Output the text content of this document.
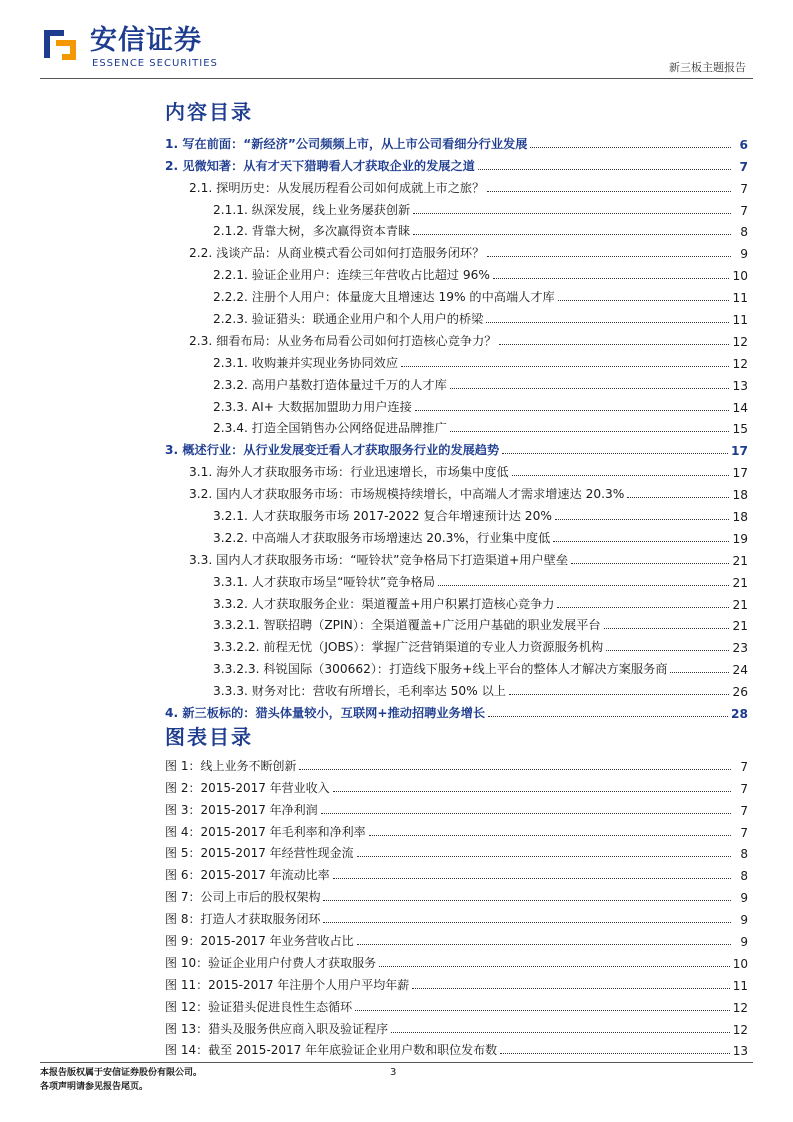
安信证券
ESSENCE SECURITIES	新三板主题报告
内容目录
1. 写在前面：“新经济”公司频频上市，从上市公司看细分行业发展	6
2. 见微知著：从有才天下猎聘看人才获取企业的发展之道	7
2.1. 探明历史：从发展历程看公司如何成就上市之旅？	7
2.1.1. 纵深发展，线上业务屡获创新	7
2.1.2. 背靠大树，多次赢得资本青睐	8
2.2. 浅谈产品：从商业模式看公司如何打造服务闭环？	9
2.2.1. 验证企业用户：连续三年营收占比超过 96%	10
2.2.2. 注册个人用户：体量庞大且增速达 19% 的中高端人才库	11
2.2.3. 验证猎头：联通企业用户和个人用户的桥梁	11
2.3. 细看布局：从业务布局看公司如何打造核心竞争力？	12
2.3.1. 收购兼并实现业务协同效应	12
2.3.2. 高用户基数打造体量过千万的人才库	13
2.3.3. AI+ 大数据加盟助力用户连接	14
2.3.4. 打造全国销售办公网络促进品牌推广	15
3. 概述行业：从行业发展变迁看人才获取服务行业的发展趋势	17
3.1. 海外人才获取服务市场：行业迅速增长，市场集中度低	17
3.2. 国内人才获取服务市场：市场规模持续增长，中高端人才需求增速达 20.3%	18
3.2.1. 人才获取服务市场 2017-2022 复合年增速预计达 20%	18
3.2.2. 中高端人才获取服务市场增速达 20.3%，行业集中度低	19
3.3. 国内人才获取服务市场：“哑铃状”竞争格局下打造渠道+用户壁垒	21
3.3.1. 人才获取市场呈“哑铃状”竞争格局	21
3.3.2. 人才获取服务企业：渠道覆盖+用户积累打造核心竞争力	21
3.3.2.1. 智联招聘（ZPIN）：全渠道覆盖+广泛用户基础的职业发展平台	21
3.3.2.2. 前程无忧（JOBS）：掌握广泛营销渠道的专业人力资源服务机构	23
3.3.2.3. 科锐国际（300662）：打造线下服务+线上平台的整体人才解决方案服务商	24
3.3.3. 财务对比：营收有所增长，毛利率达 50% 以上	26
4. 新三板标的：猎头体量较小，互联网+推动招聘业务增长	28
图表目录
图 1：线上业务不断创新	7
图 2：2015-2017 年营业收入	7
图 3：2015-2017 年净利润	7
图 4：2015-2017 年毛利率和净利率	7
图 5：2015-2017 年经营性现金流	8
图 6：2015-2017 年流动比率	8
图 7：公司上市后的股权架构	9
图 8：打造人才获取服务闭环	9
图 9：2015-2017 年业务营收占比	9
图 10：验证企业用户付费人才获取服务	10
图 11：2015-2017 年注册个人用户平均年薪	11
图 12：验证猎头促进良性生态循环	12
图 13：猎头及服务供应商入职及验证程序	12
图 14：截至 2015-2017 年年底验证企业用户数和职位发布数	13
本报告版权属于安信证券股份有限公司。
各项声明请参见报告尾页。
3
